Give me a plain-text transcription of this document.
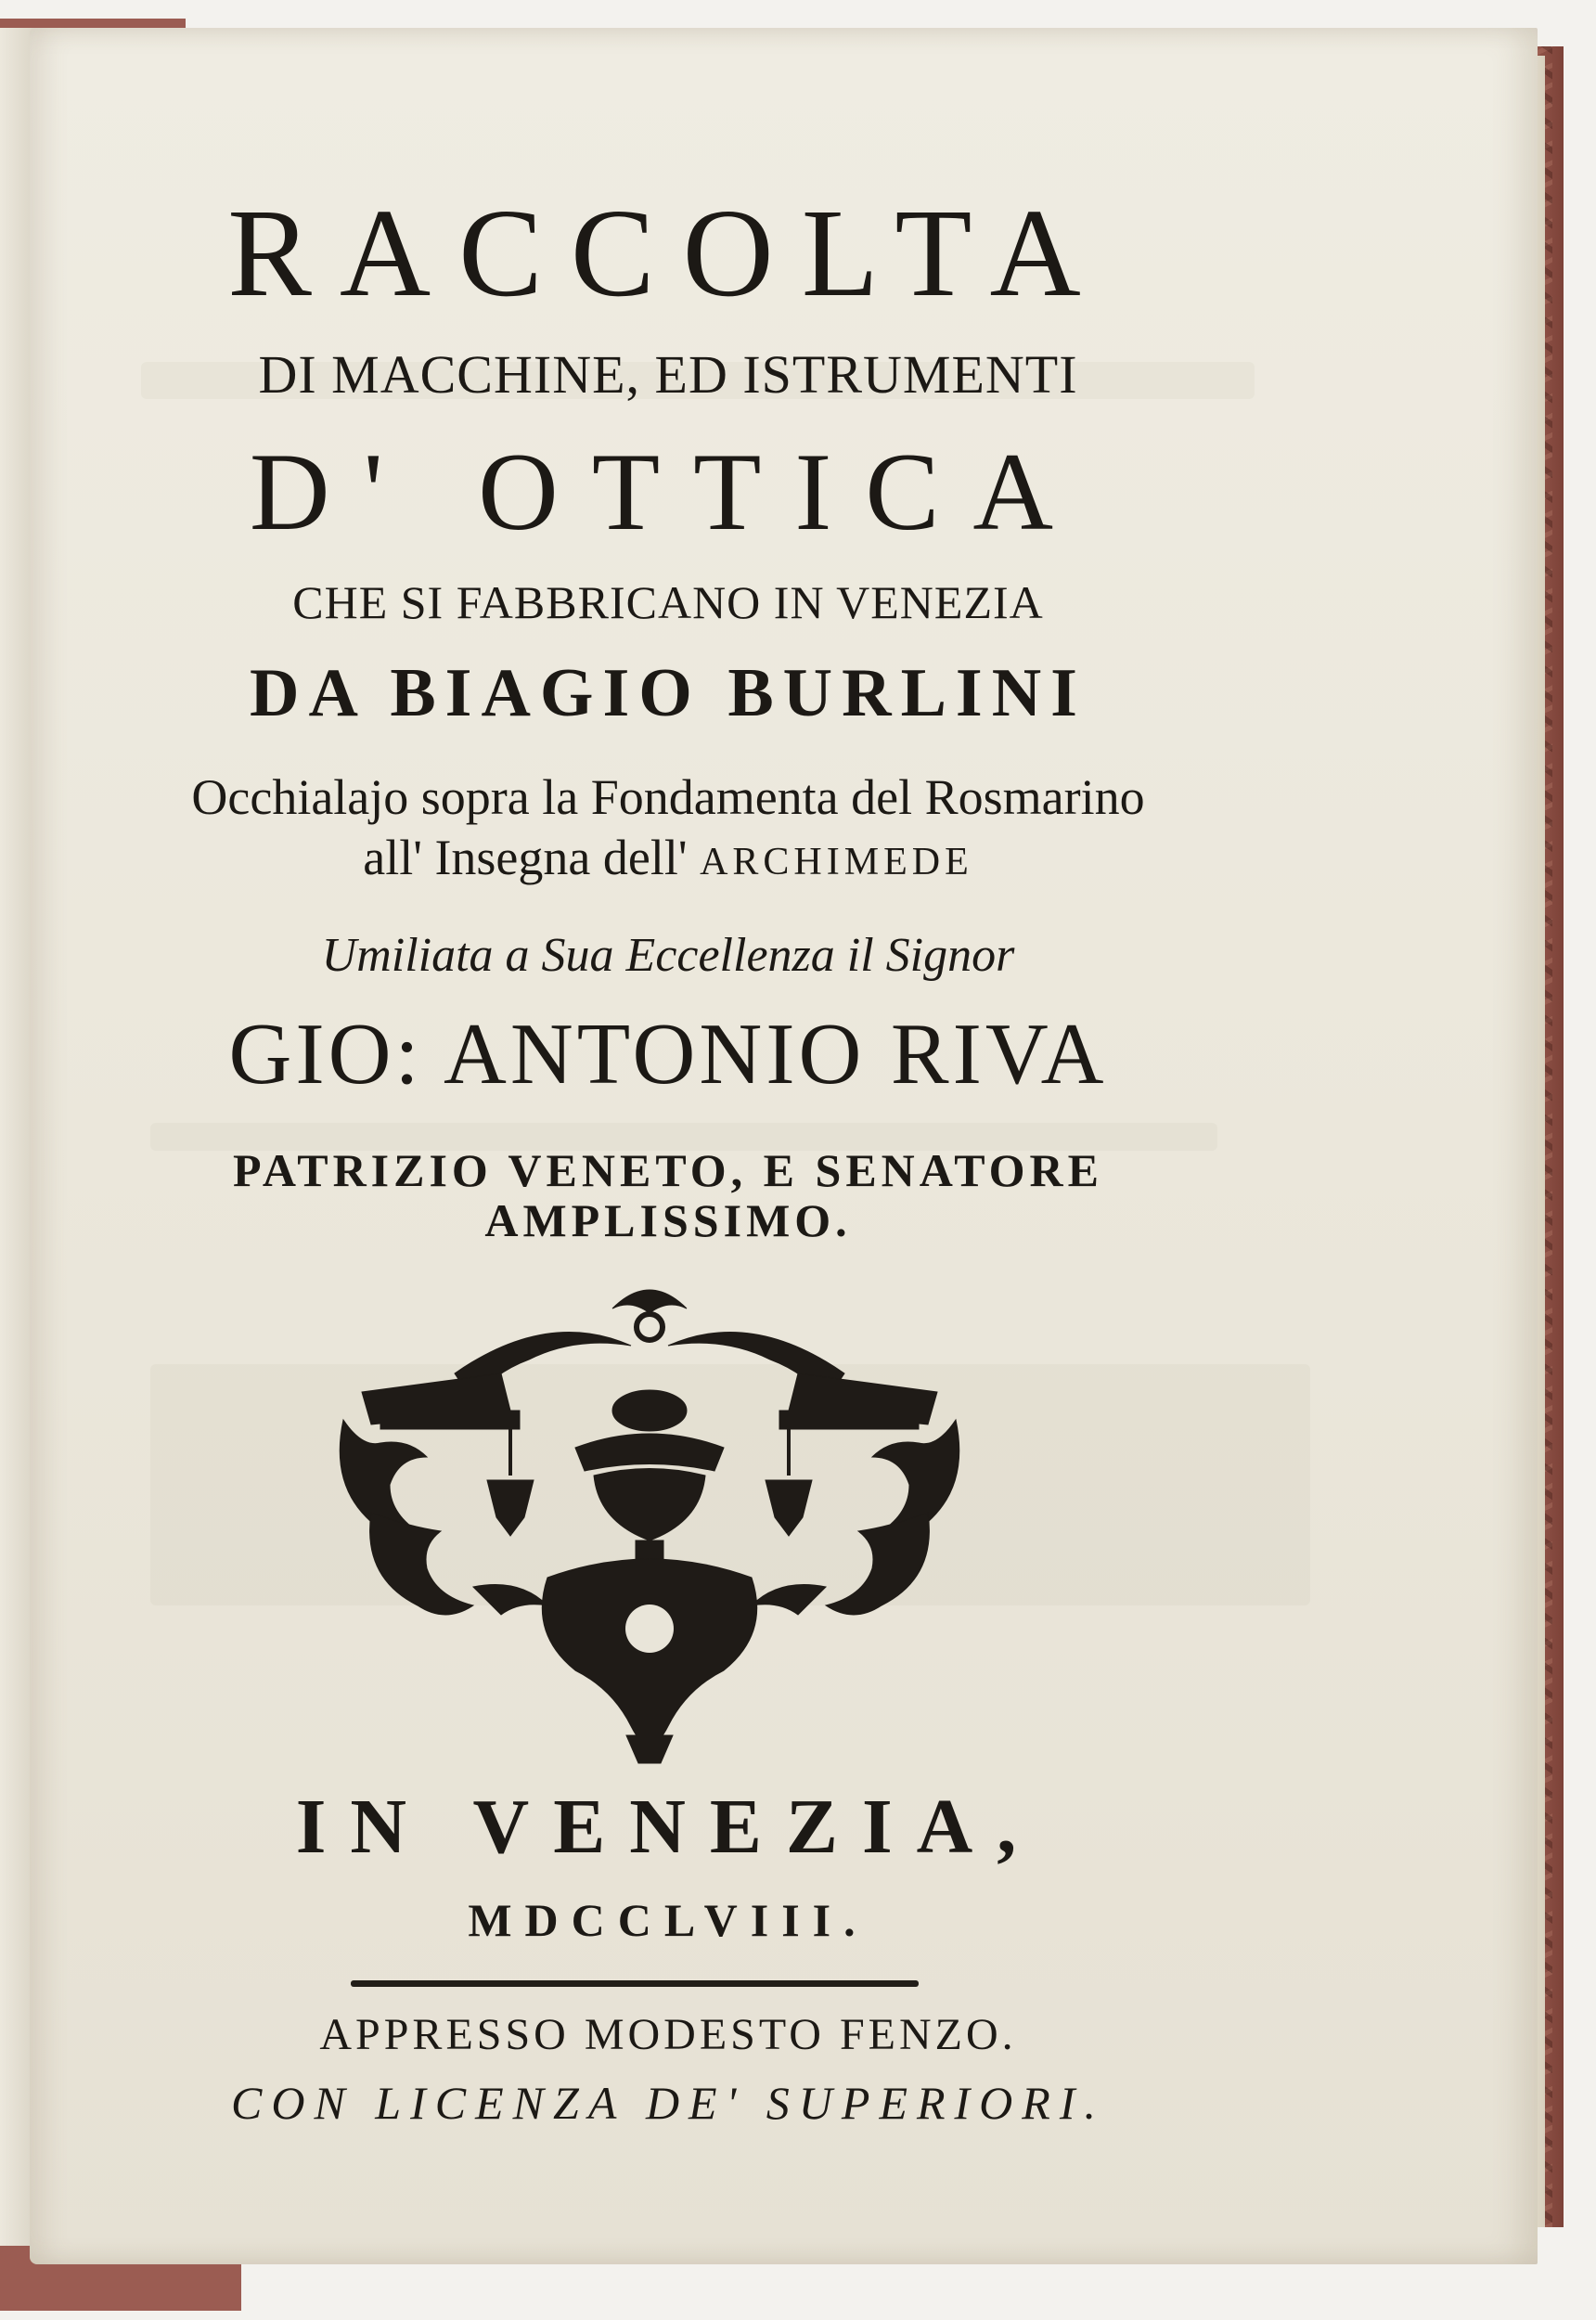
RACCOLTA
DI MACCHINE, ED ISTRUMENTI
D' OTTICA
CHE SI FABBRICANO IN VENEZIA
DA BIAGIO BURLINI
Occhialajo sopra la Fondamenta del Rosmarino
all' Insegna dell' ARCHIMEDE
Umiliata a Sua Eccellenza il Signor
GIO: ANTONIO RIVA
PATRIZIO VENETO, E SENATORE
AMPLISSIMO.
IN VENEZIA,
MDCCLVIII.
APPRESSO MODESTO FENZO.
CON LICENZA DE' SUPERIORI.
